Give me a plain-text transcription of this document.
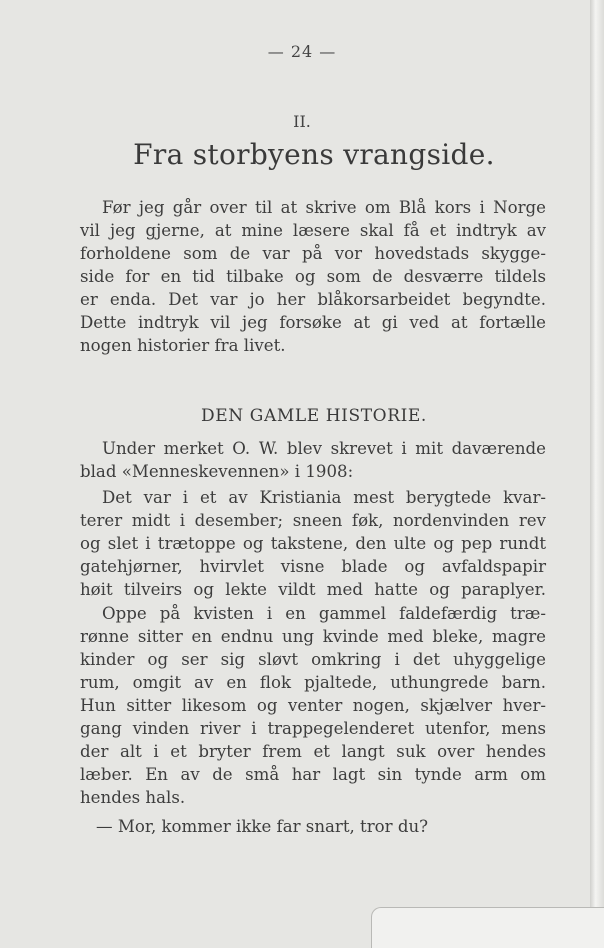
— 24 —
II.
Fra storbyens vrangside.

Før jeg går over til at skrive om Blå kors i Norge
vil jeg gjerne, at mine læsere skal få et indtryk av
forholdene som de var på vor hovedstads skygge-
side for en tid tilbake og som de desværre tildels
er enda. Det var jo her blåkorsarbeidet begyndte.
Dette indtryk vil jeg forsøke at gi ved at fortælle
nogen historier fra livet.

DEN GAMLE HISTORIE.

Under merket O. W. blev skrevet i mit daværende
blad «Menneskevennen» i 1908:

Det var i et av Kristiania mest berygtede kvar-
terer midt i desember; sneen føk, nordenvinden rev
og slet i trætoppe og takstene, den ulte og pep rundt
gatehjørner, hvirvlet visne blade og avfaldspapir
høit tilveirs og lekte vildt med hatte og paraplyer.

Oppe på kvisten i en gammel faldefærdig træ-
rønne sitter en endnu ung kvinde med bleke, magre
kinder og ser sig sløvt omkring i det uhyggelige
rum, omgit av en flok pjaltede, uthungrede barn.
Hun sitter likesom og venter nogen, skjælver hver-
gang vinden river i trappegelenderet utenfor, mens
der alt i et bryter frem et langt suk over hendes
læber. En av de små har lagt sin tynde arm om
hendes hals.

— Mor, kommer ikke far snart, tror du?
